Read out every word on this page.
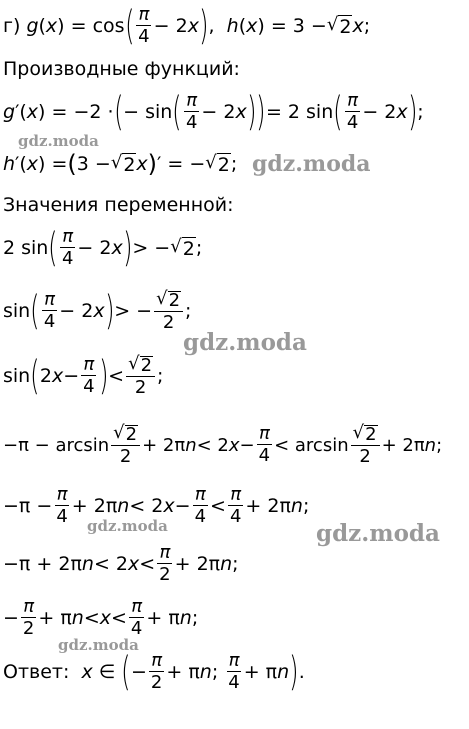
г) g ( x ) = cos ( $\frac{\pi}{4} - 2$ x ) , h ( x ) = 3 − √ 2 x ;
Производные функций:
g ′( x ) = −2 · ( − sin ( $\frac{\pi}{4} - 2$ x ) ) = 2 sin ( $\frac{\pi}{4} - 2$ x ) ;
h ′( x ) = ( 3 − √ 2 x ) ′ = − √ 2 ;
Значения переменной:
2 sin ( $\frac{\pi}{4} - 2$ x ) > − √ 2 ;
sin ( $\frac{\pi}{4} - 2$ x ) > − $\frac{√ 2}{2}$ ;
sin ( 2 $x - \frac{\pi}{4}$ ) < $\frac{√ 2}{2}$ ;
$-\pi - \arcsin \frac{√ 2}{2} + 2\pi$ n < 2 $x - \frac{\pi}{4} < \arcsin \frac{√ 2}{2} + 2\pi$ n ;
$-\pi - \frac{\pi}{4} + 2\pi$ n < 2 $x - \frac{\pi}{4} < \frac{\pi}{4} + 2\pi$ n ;
−π + 2π n < 2 $x < \frac{\pi}{2} + 2\pi$ n ;
− $\frac{\pi}{2} + \pi$ $n < x < \frac{\pi}{4} + \pi$ n ;
Ответ:
x ∈ ( − $\frac{\pi}{2} + \pi$ n ; $\frac{\pi}{4} + \pi$ n ) .
gdz.moda
gdz.moda
gdz.moda
gdz.moda	gdz.moda
gdz.moda
